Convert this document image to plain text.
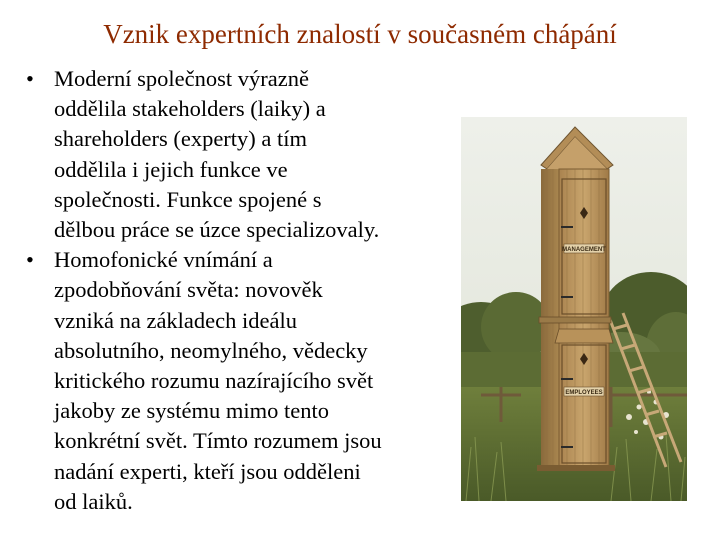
Vznik expertních znalostí v současném chápání
• Moderní společnost výrazně
oddělila stakeholders (laiky) a
shareholders (experty) a tím
oddělila i jejich funkce ve
společnosti. Funkce spojené s
dělbou práce se úzce specializovaly.
• Homofonické vnímání a
zpodobňování světa: novověk
vzniká na základech ideálu
absolutního, neomylného, vědecky
kritického rozumu nazírajícího svět
jakoby ze systému mimo tento
konkrétní svět. Tímto rozumem jsou
nadání experti, kteří jsou odděleni
od laiků.
MANAGEMENT
EMPLOYEES
